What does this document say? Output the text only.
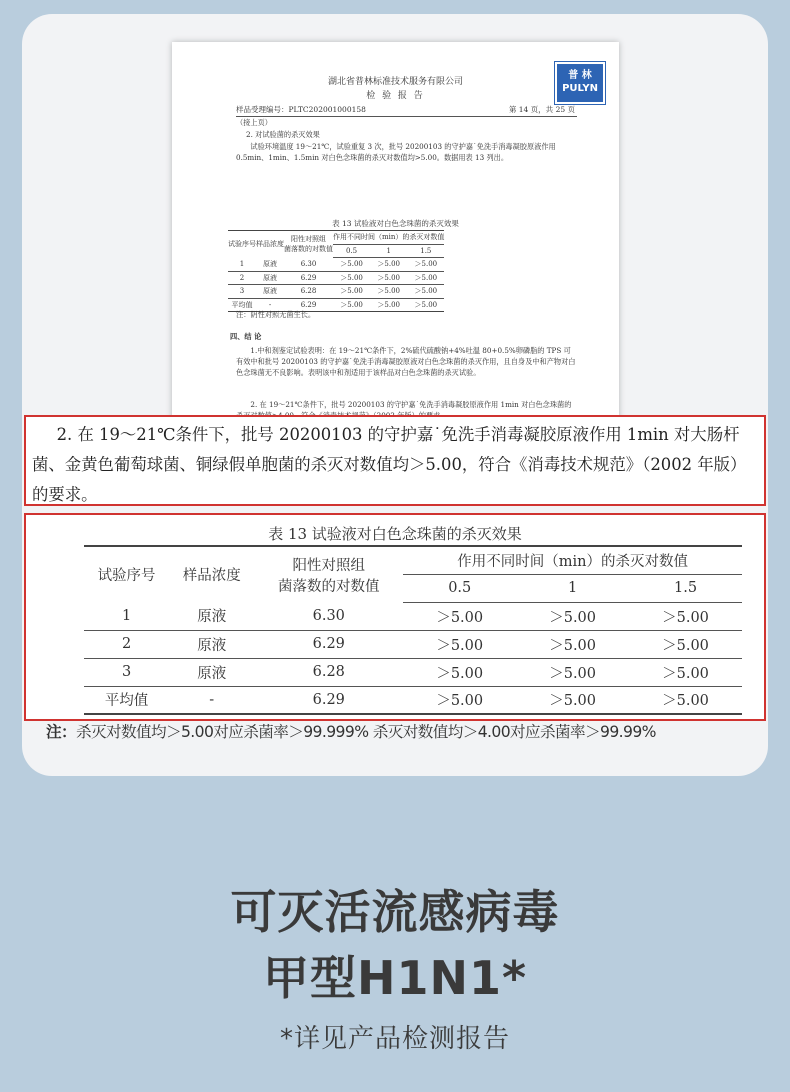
普 林
PULYN
湖北省普林标准技术服务有限公司
检 验 报 告
样品受理编号：PLTC202001000158	第 14 页，共 25 页
（接上页）
2. 对试验菌的杀灭效果
试验环境温度 19～21℃，试验重复 3 次，批号 20200103 的守护嘉˙免洗手消毒凝胶原液作用 0.5min、1min、1.5min 对白色念珠菌的杀灭对数值均>5.00。数据用表 13 列出。
表 13 试验液对白色念珠菌的杀灭效果
试验序号	样品浓度	阳性对照组
菌落数的对数值	作用不同时间（min）的杀灭对数值		
			0.5	1	1.5
1	原液	6.30	＞5.00	＞5.00	＞5.00
2	原液	6.29	＞5.00	＞5.00	＞5.00
3	原液	6.28	＞5.00	＞5.00	＞5.00
平均值	-	6.29	＞5.00	＞5.00	＞5.00
注：阴性对照无菌生长。
四、结 论
1.中和剂鉴定试验表明：在 19～21℃条件下，2%硫代硫酸钠+4%吐温 80+0.5%卵磷脂的 TPS 可有效中和批号 20200103 的守护嘉˙免洗手消毒凝胶原液对白色念珠菌的杀灭作用，且自身及中和产物对白色念珠菌无不良影响。表明该中和剂适用于该样品对白色念珠菌的杀灭试验。
2. 在 19～21℃条件下，批号 20200103 的守护嘉˙免洗手消毒凝胶原液作用 1min 对白色念珠菌的

2. 在 19～21℃条件下，批号 20200103 的守护嘉˙免洗手消毒凝胶原液作用 1min 对大肠杆菌、金黄色葡萄球菌、铜绿假单胞菌的杀灭对数值均＞5.00，符合《消毒技术规范》（2002 年版）的要求。

表 13 试验液对白色念珠菌的杀灭效果
试验序号	样品浓度	阳性对照组
菌落数的对数值	作用不同时间（min）的杀灭对数值		
			0.5	1	1.5
1	原液	6.30	＞5.00	＞5.00	＞5.00
2	原液	6.29	＞5.00	＞5.00	＞5.00
3	原液	6.28	＞5.00	＞5.00	＞5.00
平均值	-	6.29	＞5.00	＞5.00	＞5.00
注：杀灭对数值均＞5.00对应杀菌率＞99.999% 杀灭对数值均＞4.00对应杀菌率＞99.99%
可灭活流感病毒
甲型H1N1*
*详见产品检测报告
